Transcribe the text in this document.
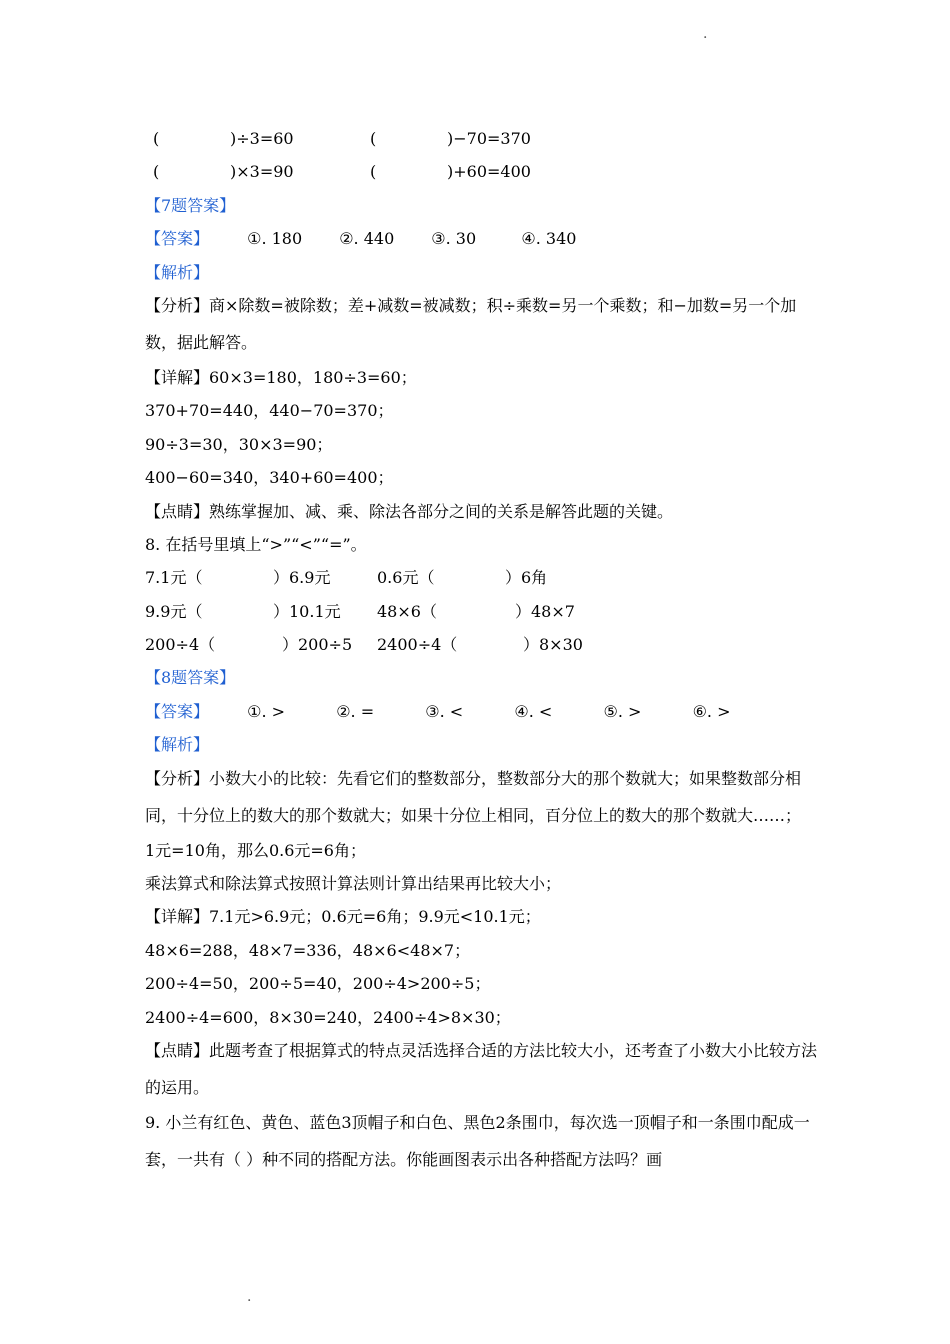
·
(	)÷3=60	(	)−70=370
(	)×3=90	(	)+60=400
【7题答案】
【答案】 ①. 180 ②. 440 ③. 30	④. 340
【解析】
【分析】商×除数=被除数；差+减数=被减数；积÷乘数=另一个乘数；和−加数=另一个加数，据此解答。
【详解】60×3=180，180÷3=60；
370+70=440，440−70=370；
90÷3=30，30×3=90；
400−60=340，340+60=400；
【点睛】熟练掌握加、减、乘、除法各部分之间的关系是解答此题的关键。
8. 在括号里填上“>”“<”“=”。
7.1元（	）6.9元	0.6元（	）6角
9.9元（	）10.1元 48×6（	）48×7
200÷4（	）200÷5 2400÷4（	）8×30
【8题答案】
【答案】 ①. >	②. =	③. <	④. <	⑤. >	⑥. >
【解析】
【分析】小数大小的比较：先看它们的整数部分，整数部分大的那个数就大；如果整数部分相同，十分位上的数大的那个数就大；如果十分位上相同，百分位上的数大的那个数就大……；
1元=10角，那么0.6元=6角；
乘法算式和除法算式按照计算法则计算出结果再比较大小；
【详解】7.1元>6.9元；0.6元=6角；9.9元<10.1元；
48×6=288，48×7=336，48×6<48×7；
200÷4=50，200÷5=40，200÷4>200÷5；
2400÷4=600，8×30=240，2400÷4>8×30；
【点睛】此题考查了根据算式的特点灵活选择合适的方法比较大小，还考查了小数大小比较方法的运用。
9. 小兰有红色、黄色、蓝色3顶帽子和白色、黑色2条围巾，每次选一顶帽子和一条围巾配成一套，一共有（ ）种不同的搭配方法。你能画图表示出各种搭配方法吗？画
·
